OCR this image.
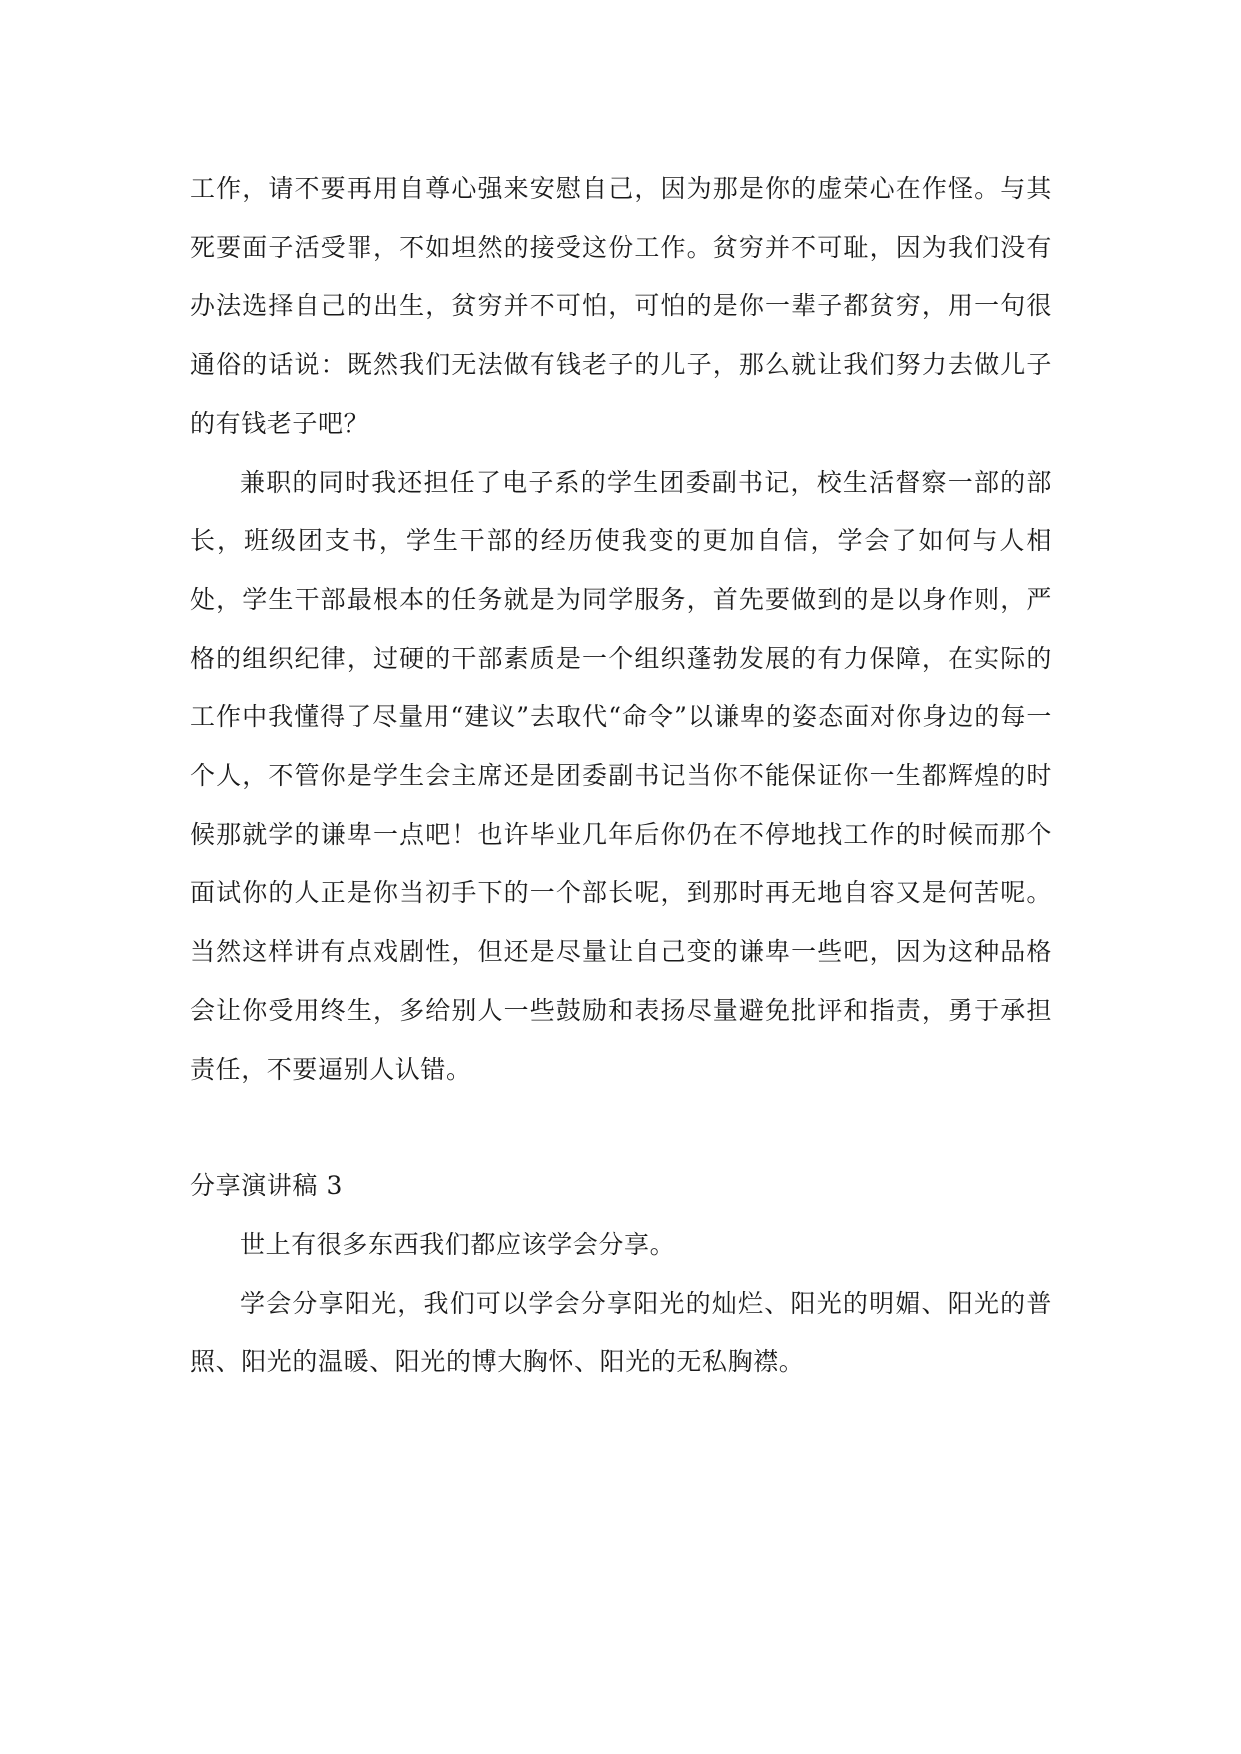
工作，请不要再用自尊心强来安慰自己，因为那是你的虚荣心在作怪。与其死要面子活受罪，不如坦然的接受这份工作。贫穷并不可耻，因为我们没有办法选择自己的出生，贫穷并不可怕，可怕的是你一辈子都贫穷，用一句很通俗的话说：既然我们无法做有钱老子的儿子，那么就让我们努力去做儿子的有钱老子吧？

兼职的同时我还担任了电子系的学生团委副书记，校生活督察一部的部长，班级团支书，学生干部的经历使我变的更加自信，学会了如何与人相处，学生干部最根本的任务就是为同学服务，首先要做到的是以身作则，严格的组织纪律，过硬的干部素质是一个组织蓬勃发展的有力保障，在实际的工作中我懂得了尽量用“建议”去取代“命令”以谦卑的姿态面对你身边的每一个人，不管你是学生会主席还是团委副书记当你不能保证你一生都辉煌的时候那就学的谦卑一点吧！也许毕业几年后你仍在不停地找工作的时候而那个面试你的人正是你当初手下的一个部长呢，到那时再无地自容又是何苦呢。当然这样讲有点戏剧性，但还是尽量让自己变的谦卑一些吧，因为这种品格会让你受用终生，多给别人一些鼓励和表扬尽量避免批评和指责，勇于承担责任，不要逼别人认错。

分享演讲稿 3

世上有很多东西我们都应该学会分享。

学会分享阳光，我们可以学会分享阳光的灿烂、阳光的明媚、阳光的普照、阳光的温暖、阳光的博大胸怀、阳光的无私胸襟。
